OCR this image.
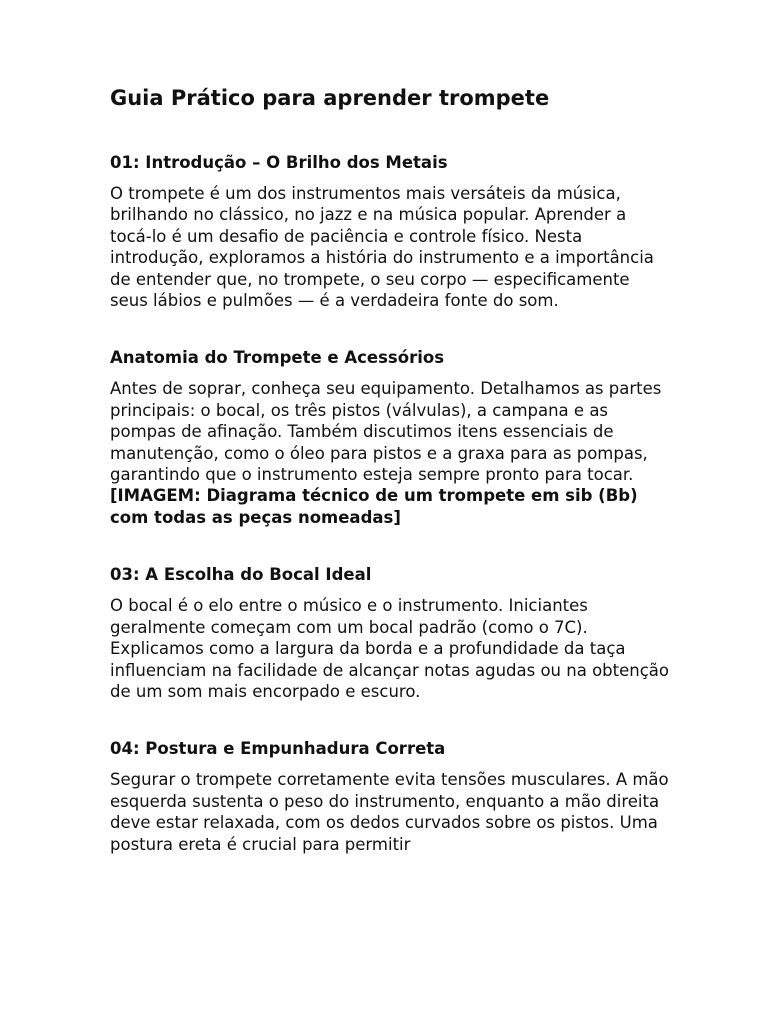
Guia Prático para aprender trompete
01: Introdução – O Brilho dos Metais

O trompete é um dos instrumentos mais versáteis da música, brilhando no clássico, no jazz e na música popular. Aprender a tocá-lo é um desafio de paciência e controle físico. Nesta introdução, exploramos a história do instrumento e a importância de entender que, no trompete, o seu corpo — especificamente seus lábios e pulmões — é a verdadeira fonte do som.

Anatomia do Trompete e Acessórios

Antes de soprar, conheça seu equipamento. Detalhamos as partes principais: o bocal, os três pistos (válvulas), a campana e as pompas de afinação. Também discutimos itens essenciais de manutenção, como o óleo para pistos e a graxa para as pompas, garantindo que o instrumento esteja sempre pronto para tocar. [IMAGEM: Diagrama técnico de um trompete em sib (Bb) com todas as peças nomeadas]

03: A Escolha do Bocal Ideal

O bocal é o elo entre o músico e o instrumento. Iniciantes geralmente começam com um bocal padrão (como o 7C). Explicamos como a largura da borda e a profundidade da taça influenciam na facilidade de alcançar notas agudas ou na obtenção de um som mais encorpado e escuro.

04: Postura e Empunhadura Correta

Segurar o trompete corretamente evita tensões musculares. A mão esquerda sustenta o peso do instrumento, enquanto a mão direita deve estar relaxada, com os dedos curvados sobre os pistos. Uma postura ereta é crucial para permitir
